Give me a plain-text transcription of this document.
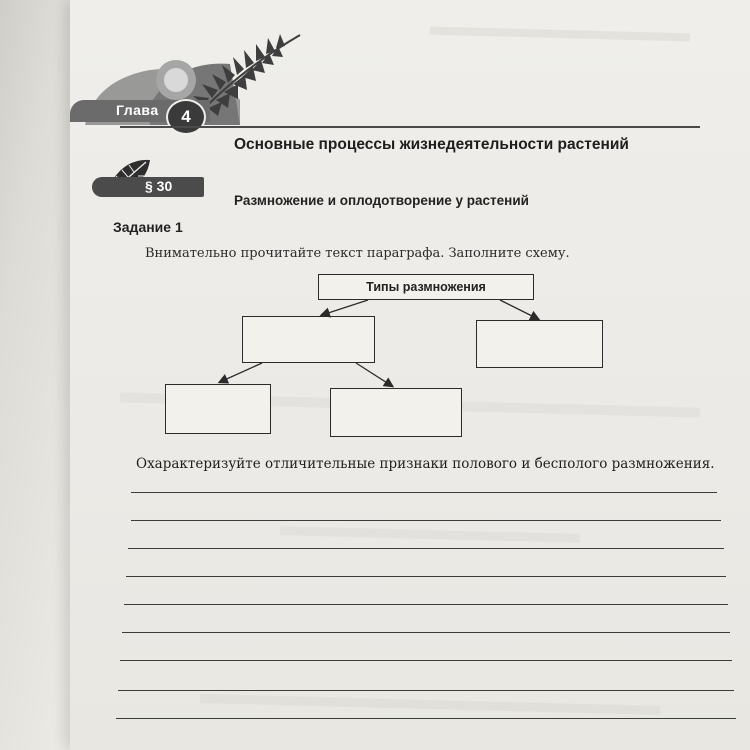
Глава	4
Основные процессы жизнедеятельности растений
§ 30
Размножение и оплодотворение у растений
Задание 1
Внимательно прочитайте текст параграфа. Заполните схему.
Типы размножения
Охарактеризуйте отличительные признаки полового и бесполого размножения.
